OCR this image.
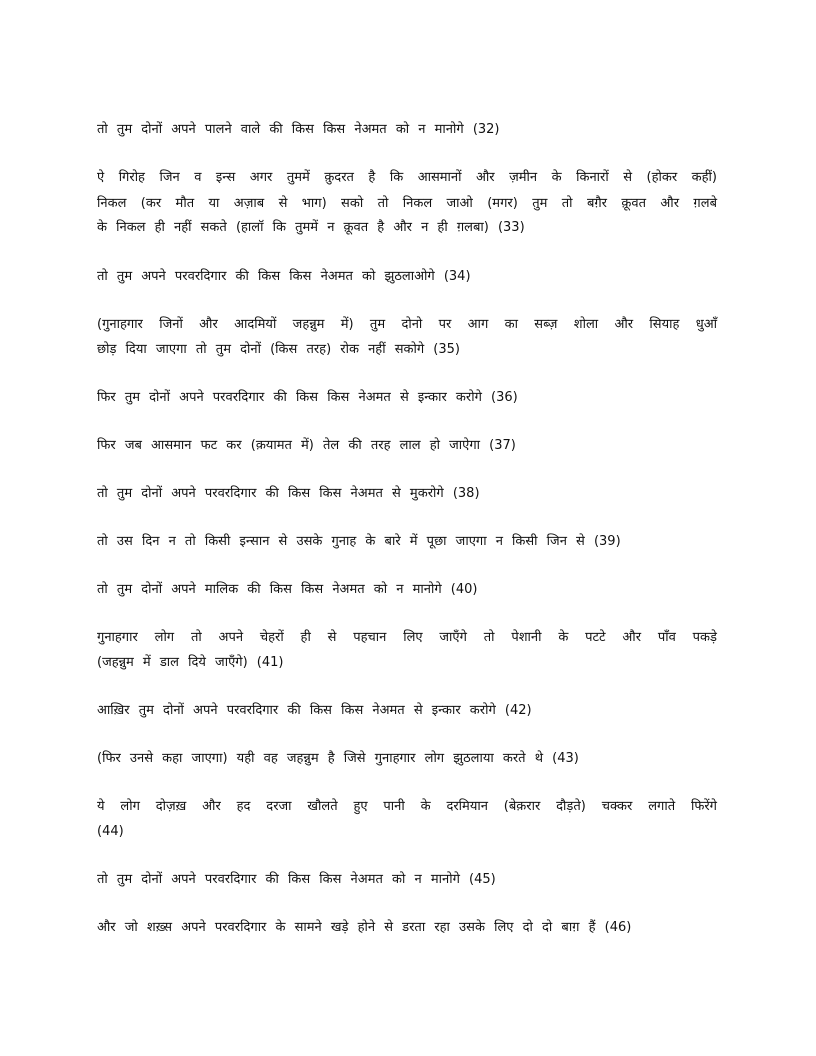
तो तुम दोनों अपने पालने वाले की किस किस नेअमत को न मानोगे (32)
ऐ गिरोह जिन व इन्स अगर तुममें क़ुदरत है कि आसमानों और ज़मीन के किनारों से (होकर कहीं)
निकल (कर मौत या अज़ाब से भाग) सको तो निकल जाओ (मगर) तुम तो बग़ैर क़ूवत और ग़लबे
के निकल ही नहीं सकते (हालॉ कि तुममें न क़ूवत है और न ही ग़लबा) (33)
तो तुम अपने परवरदिगार की किस किस नेअमत को झुठलाओगे (34)
(गुनाहगार जिनों और आदमियों जहन्नुम में) तुम दोनो पर आग का सब्ज़ शोला और सियाह धुऑं
छोड़ दिया जाएगा तो तुम दोनों (किस तरह) रोक नहीं सकोगे (35)
फिर तुम दोनों अपने परवरदिगार की किस किस नेअमत से इन्कार करोगे (36)
फिर जब आसमान फट कर (क़यामत में) तेल की तरह लाल हो जाऐगा (37)
तो तुम दोनों अपने परवरदिगार की किस किस नेअमत से मुकरोगे (38)
तो उस दिन न तो किसी इन्सान से उसके गुनाह के बारे में पूछा जाएगा न किसी जिन से (39)
तो तुम दोनों अपने मालिक की किस किस नेअमत को न मानोगे (40)
गुनाहगार लोग तो अपने चेहरों ही से पहचान लिए जाएँगे तो पेशानी के पटटे और पाँव पकडे़
(जहन्नुम में डाल दिये जाएँगे) (41)
आख़िर तुम दोनों अपने परवरदिगार की किस किस नेअमत से इन्कार करोगे (42)
(फिर उनसे कहा जाएगा) यही वह जहन्नुम है जिसे गुनाहगार लोग झुठलाया करते थे (43)
ये लोग दोज़ख़ और हद दरजा खौलते हुए पानी के दरमियान (बेक़रार दौड़ते) चक्कर लगाते फिरेंगे
(44)
तो तुम दोनों अपने परवरदिगार की किस किस नेअमत को न मानोगे (45)
और जो शख़्स अपने परवरदिगार के सामने खडे़ होने से डरता रहा उसके लिए दो दो बाग़ हैं (46)
